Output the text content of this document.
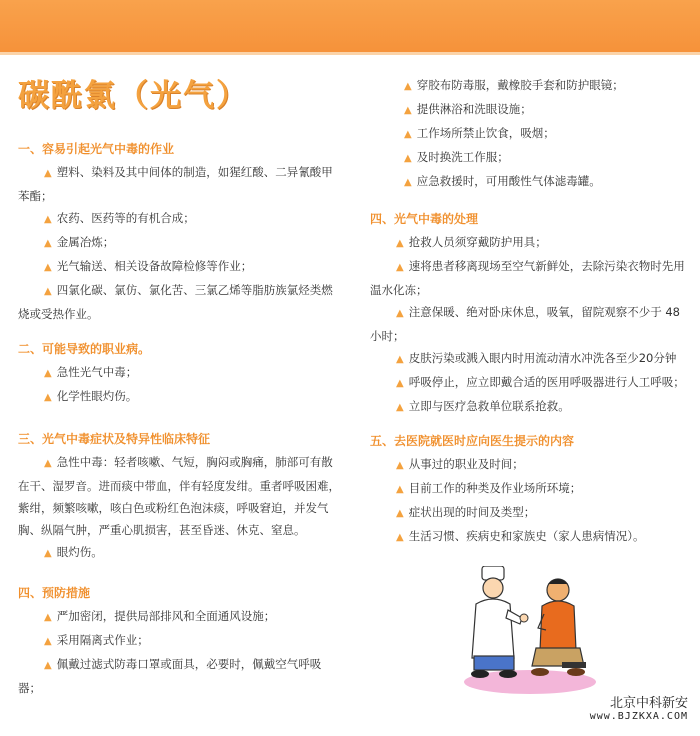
碳酰氯（光气）

一、容易引起光气中毒的作业

▲ 塑料、染料及其中间体的制造，如猩红酸、二异氰酸甲

苯酯；

▲ 农药、医药等的有机合成；

▲ 金属冶炼；

▲ 光气输送、相关设备故障检修等作业；

▲ 四氯化碳、氯仿、氯化苦、三氯乙烯等脂肪族氯烃类燃

烧或受热作业。

二、可能导致的职业病。

▲ 急性光气中毒；

▲ 化学性眼灼伤。

三、光气中毒症状及特异性临床特征

▲ 急性中毒：轻者咳嗽、气短，胸闷或胸痛，肺部可有散

在干、湿罗音。进而痰中带血，伴有轻度发绀。重者呼吸困难，

紫绀，频繁咳嗽，咳白色或粉红色泡沫痰，呼吸窘迫，并发气

胸、纵隔气肿，严重心肌损害，甚至昏迷、休克、窒息。

▲ 眼灼伤。

四、预防措施

▲ 严加密闭，提供局部排风和全面通风设施；

▲ 采用隔离式作业；

▲ 佩戴过滤式防毒口罩或面具，必要时，佩戴空气呼吸

器；

▲ 穿胶布防毒服，戴橡胶手套和防护眼镜；

▲ 提供淋浴和洗眼设施；

▲ 工作场所禁止饮食，吸烟；

▲ 及时换洗工作服；

▲ 应急救援时，可用酸性气体滤毒罐。

四、光气中毒的处理

▲ 抢救人员须穿戴防护用具；

▲ 速将患者移离现场至空气新鲜处，去除污染衣物时先用

温水化冻；

▲ 注意保暖、绝对卧床休息，吸氧，留院观察不少于 48

小时；

▲ 皮肤污染或溅入眼内时用流动清水冲洗各至少20分钟

▲ 呼吸停止，应立即戴合适的医用呼吸器进行人工呼吸；

▲ 立即与医疗急救单位联系抢救。

五、去医院就医时应向医生提示的内容

▲ 从事过的职业及时间；

▲ 目前工作的种类及作业场所环境；

▲ 症状出现的时间及类型；

▲ 生活习惯、疾病史和家族史（家人患病情况）。

北京中科新安
www.BJZKXA.COM
